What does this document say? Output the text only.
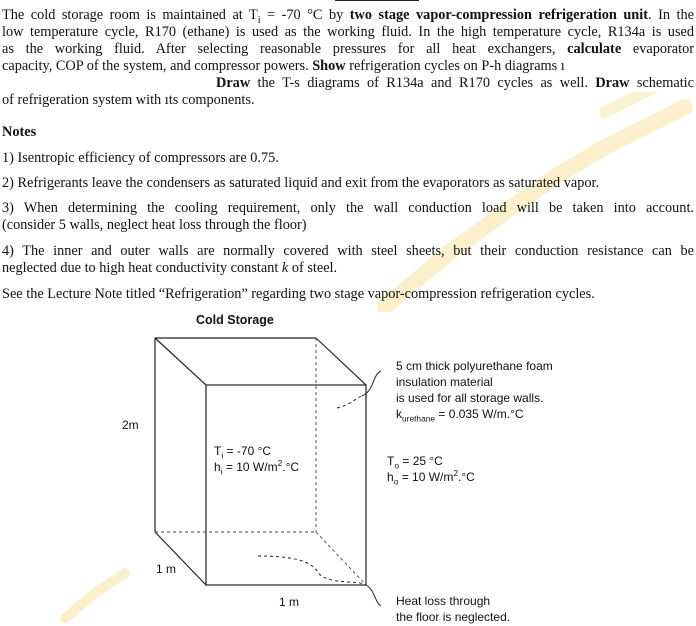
The cold storage room is maintained at $T_i = -70$ °C by two stage vapor-compression refrigeration unit. In the
low temperature cycle, R170 (ethane) is used as the working fluid. In the high temperature cycle, R134a is used
as the working fluid. After selecting reasonable pressures for all heat exchangers, calculate evaporator
capacity, COP of the system, and compressor powers. Show refrigeration cycles on P-h diagrams ı
Draw the T-s diagrams of R134a and R170 cycles as well. Draw schematic
of refrigeration system with ıts components.
Notes
1) Isentropic efficiency of compressors are 0.75.
2) Refrigerants leave the condensers as saturated liquid and exit from the evaporators as saturated vapor.
3) When determining the cooling requirement, only the wall conduction load will be taken into account.
(consider 5 walls, neglect heat loss through the floor)
4) The inner and outer walls are normally covered with steel sheets, but their conduction resistance can be
neglected due to high heat conductivity constant k of steel.
See the Lecture Note titled “Refrigeration” regarding two stage vapor-compression refrigeration cycles.
Cold Storage
2m
1 m
1 m
$T_i = -70$ °C
$h_i = 10$ $W/m^2.^\circ C$	$T_o = 25$ °C
$h_o = 10$ $W/m^2.^\circ C$
5 cm thick polyurethane foam
insulation material
is used for all storage walls.
$k_{urethane} = 0.035$ W/m.°C
Heat loss through
the floor is neglected.
